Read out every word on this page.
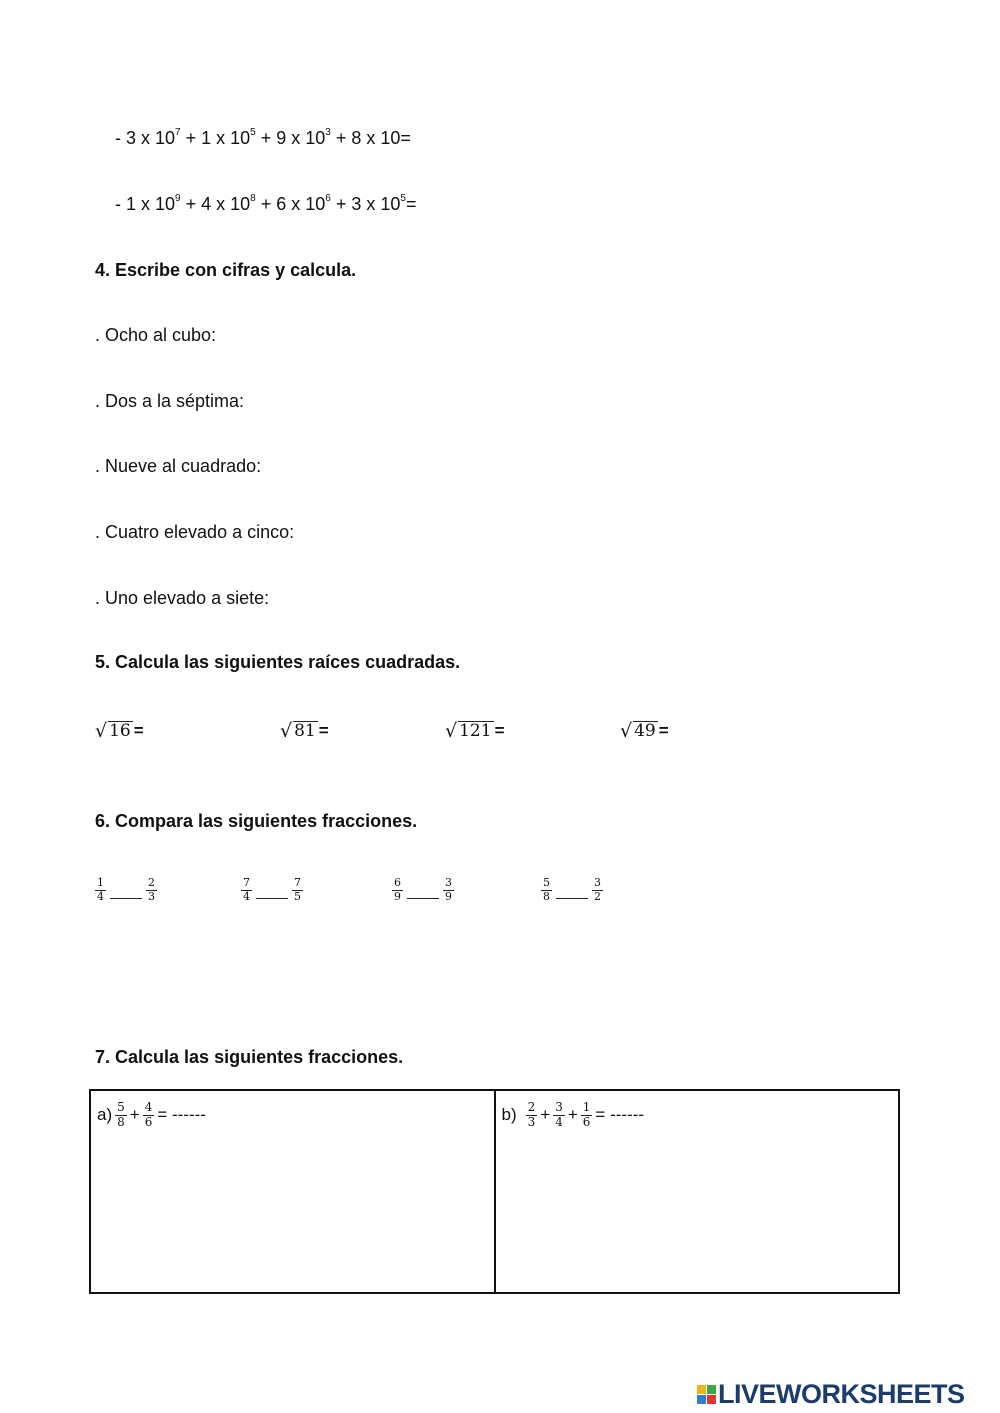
- 3 x $10^7 + 1$ x $10^5 + 9$ x $10^3 + 8$ x 10=
- 1 x $10^9 + 4$ x $10^8 + 6$ x $10^6 + 3$ x $10^5=$
4. Escribe con cifras y calcula.
. Ocho al cubo:
. Dos a la séptima:
. Nueve al cuadrado:
. Cuatro elevado a cinco:
. Uno elevado a siete:
5. Calcula las siguientes raíces cuadradas.
√ 16 =	√ 81 =	√ 121 =	√ 49 =
6. Compara las siguientes fracciones.
$\frac{1}{4}$	$\frac{2}{3}$	$\frac{7}{4}$	$\frac{7}{5}$	$\frac{6}{9}$	$\frac{3}{9}$	$\frac{5}{8}$	$\frac{3}{2}$
7. Calcula las siguientes fracciones.
$a) \frac{5}{8} + \frac{4}{6}$ = ------	$b) \frac{2}{3} + \frac{3}{4} + \frac{1}{6}$ = ------
LIVEWORKSHEETS
